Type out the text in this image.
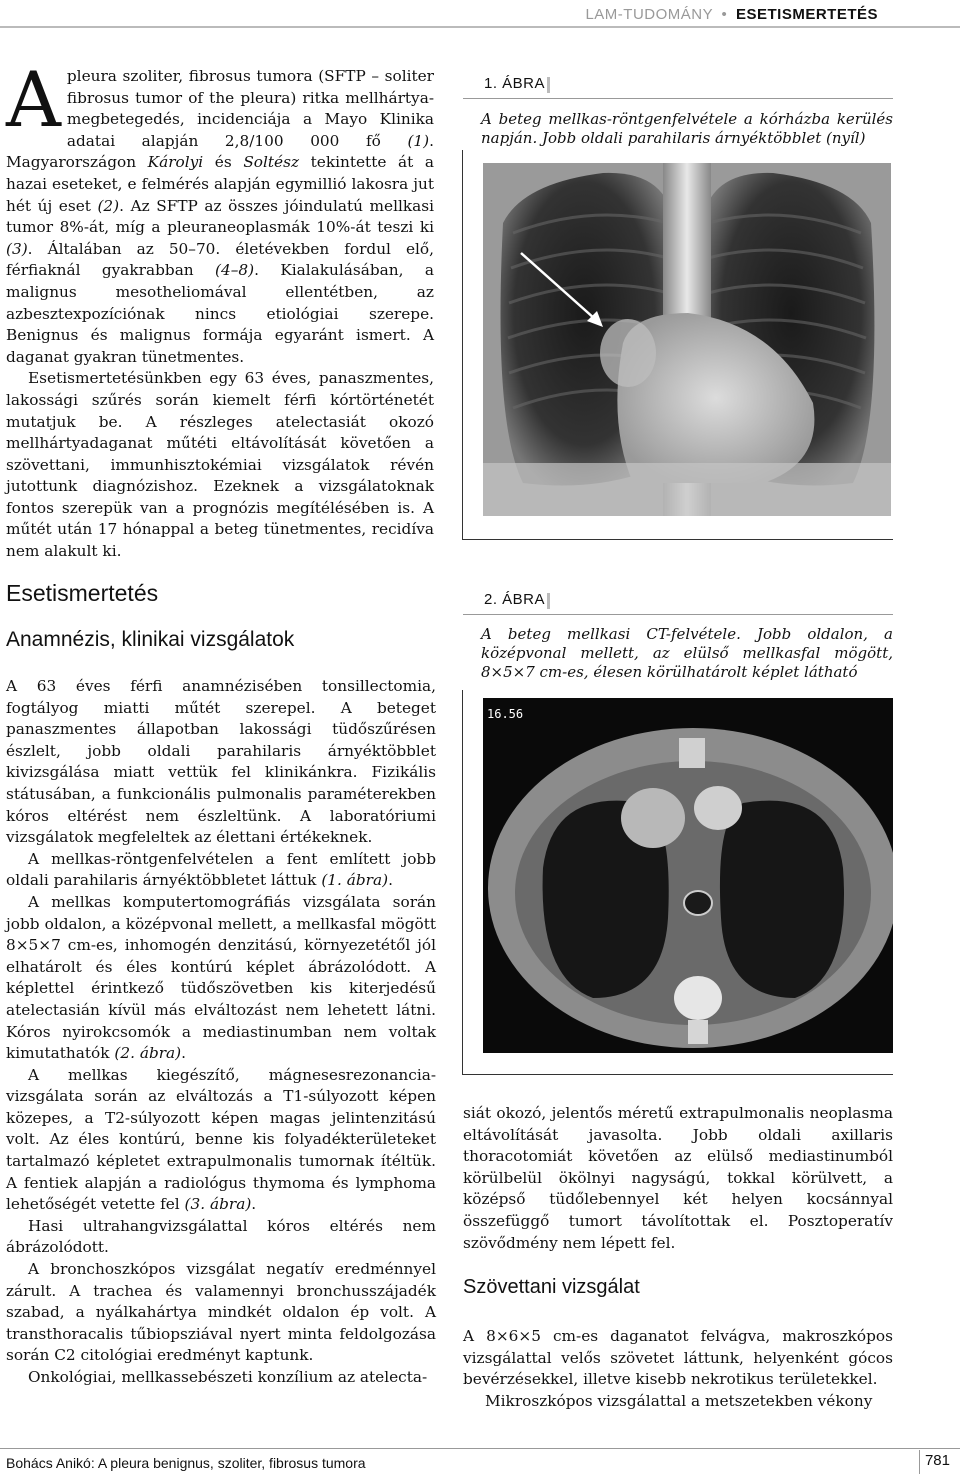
LAM-TUDOMÁNY • ESETISMERTETÉS

Apleura szoliter, fibrosus tumora (SFTP – soliter fibrosus tumor of the pleura) ritka mellhártya-megbetegedés, incidenciája a Mayo Klinika adatai alapján 2,8/100 000 fő (1). Magyarországon Károlyi és Soltész tekintette át a hazai eseteket, e felmérés alapján egymillió lakosra jut hét új eset (2). Az SFTP az összes jóindulatú mellkasi tumor 8%-át, míg a pleuraneoplasmák 10%-át teszi ki (3). Általában az 50–70. életévekben fordul elő, férfiaknál gyakrabban (4–8). Kialakulásában, a malignus mesotheliomával ellentétben, az azbesztexpozíciónak nincs etiológiai szerepe. Benignus és malignus formája egyaránt ismert. A daganat gyakran tünetmentes.

Esetismertetésünkben egy 63 éves, panaszmentes, lakossági szűrés során kiemelt férfi kórtörténetét mutatjuk be. A részleges atelectasiát okozó mellhártyadaganat műtéti eltávolítását követően a szövettani, immunhisztokémiai vizsgálatok révén jutottunk diagnózishoz. Ezeknek a vizsgálatoknak fontos szerepük van a prognózis megítélésében is. A műtét után 17 hónappal a beteg tünetmentes, recidíva nem alakult ki.

Esetismertetés
Anamnézis, klinikai vizsgálatok

A 63 éves férfi anamnézisében tonsillectomia, fogtályog miatti műtét szerepel. A beteget panaszmentes állapotban lakossági tüdőszűrésen észlelt, jobb oldali parahilaris árnyéktöbblet kivizsgálása miatt vettük fel klinikánkra. Fizikális státusában, a funkcionális pulmonalis paraméterekben kóros eltérést nem észleltünk. A laboratóriumi vizsgálatok megfeleltek az élettani értékeknek.

A mellkas-röntgenfelvételen a fent említett jobb oldali parahilaris árnyéktöbbletet láttuk (1. ábra).

A mellkas komputertomográfiás vizsgálata során jobb oldalon, a középvonal mellett, a mellkasfal mögött 8×5×7 cm-es, inhomogén denzitású, környezetétől jól elhatárolt és éles kontúrú képlet ábrázolódott. A képlettel érintkező tüdőszövetben kis kiterjedésű atelectasián kívül más elváltozást nem lehetett látni. Kóros nyirokcsomók a mediastinumban nem voltak kimutathatók (2. ábra).

A mellkas kiegészítő, mágnesesrezonancia-vizsgálata során az elváltozás a T1-súlyozott képen közepes, a T2-súlyozott képen magas jelintenzitású volt. Az éles kontúrú, benne kis folyadékterületeket tartalmazó képletet extrapulmonalis tumornak ítéltük. A fentiek alapján a radiológus thymoma és lymphoma lehetőségét vetette fel (3. ábra).

Hasi ultrahangvizsgálattal kóros eltérés nem ábrázolódott.

A bronchoszkópos vizsgálat negatív eredménnyel zárult. A trachea és valamennyi bronchusszájadék szabad, a nyálkahártya mindkét oldalon ép volt. A transthoracalis tűbiopsziával nyert minta feldolgozása során C2 citológiai eredményt kaptunk.

Onkológiai, mellkassebészeti konzílium az atelecta-

1. ÁBRA
A beteg mellkas-röntgenfelvétele a kórházba kerülés napján. Jobb oldali parahilaris árnyéktöbblet (nyíl)
2. ÁBRA
A beteg mellkasi CT-felvétele. Jobb oldalon, a középvonal mellett, az elülső mellkasfal mögött, 8×5×7 cm-es, élesen körülhatárolt képlet látható
16.56

siát okozó, jelentős méretű extrapulmonalis neoplasma eltávolítását javasolta. Jobb oldali axillaris thoracotomiát követően az elülső mediastinumból körülbelül ökölnyi nagyságú, tokkal körülvett, a középső tüdőlebennyel két helyen kocsánnyal összefüggő tumort távolítottak el. Posztoperatív szövődmény nem lépett fel.

Szövettani vizsgálat

A 8×6×5 cm-es daganatot felvágva, makroszkópos vizsgálattal velős szövetet láttunk, helyenként gócos bevérzésekkel, illetve kisebb nekrotikus területekkel.

Mikroszkópos vizsgálattal a metszetekben vékony

Bohács Anikó: A pleura benignus, szoliter, fibrosus tumora	781
